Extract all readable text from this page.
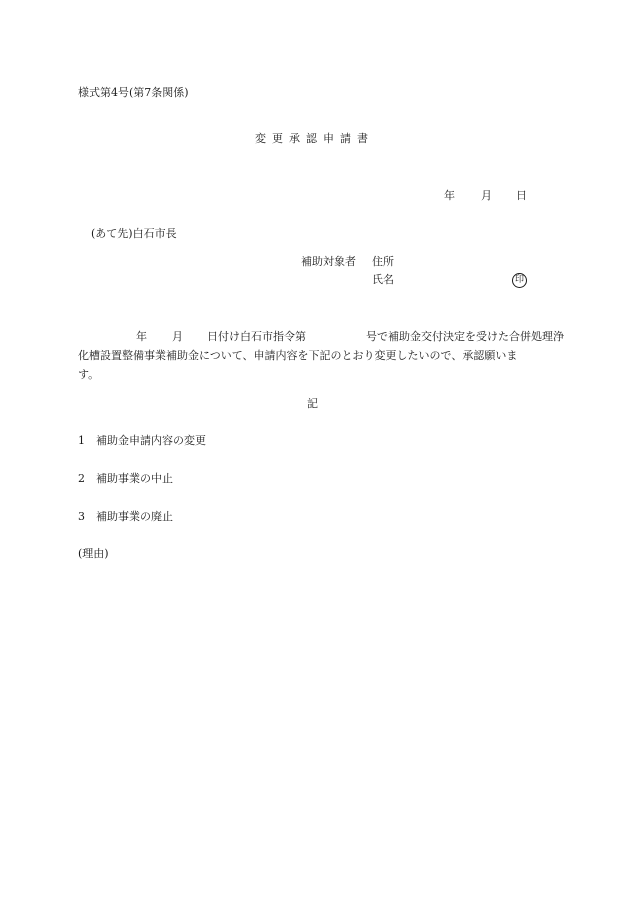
様式第4号(第7条関係)
変更承認申請書
年 月 日
(あて先)白石市長
補助対象者 住所
氏名	印
年 月 日付け白石市指令第	号で補助金交付決定を受けた合併処理浄
化槽設置整備事業補助金について、申請内容を下記のとおり変更したいので、承認願いま
す。
記
1 補助金申請内容の変更
2 補助事業の中止
3 補助事業の廃止
(理由)
